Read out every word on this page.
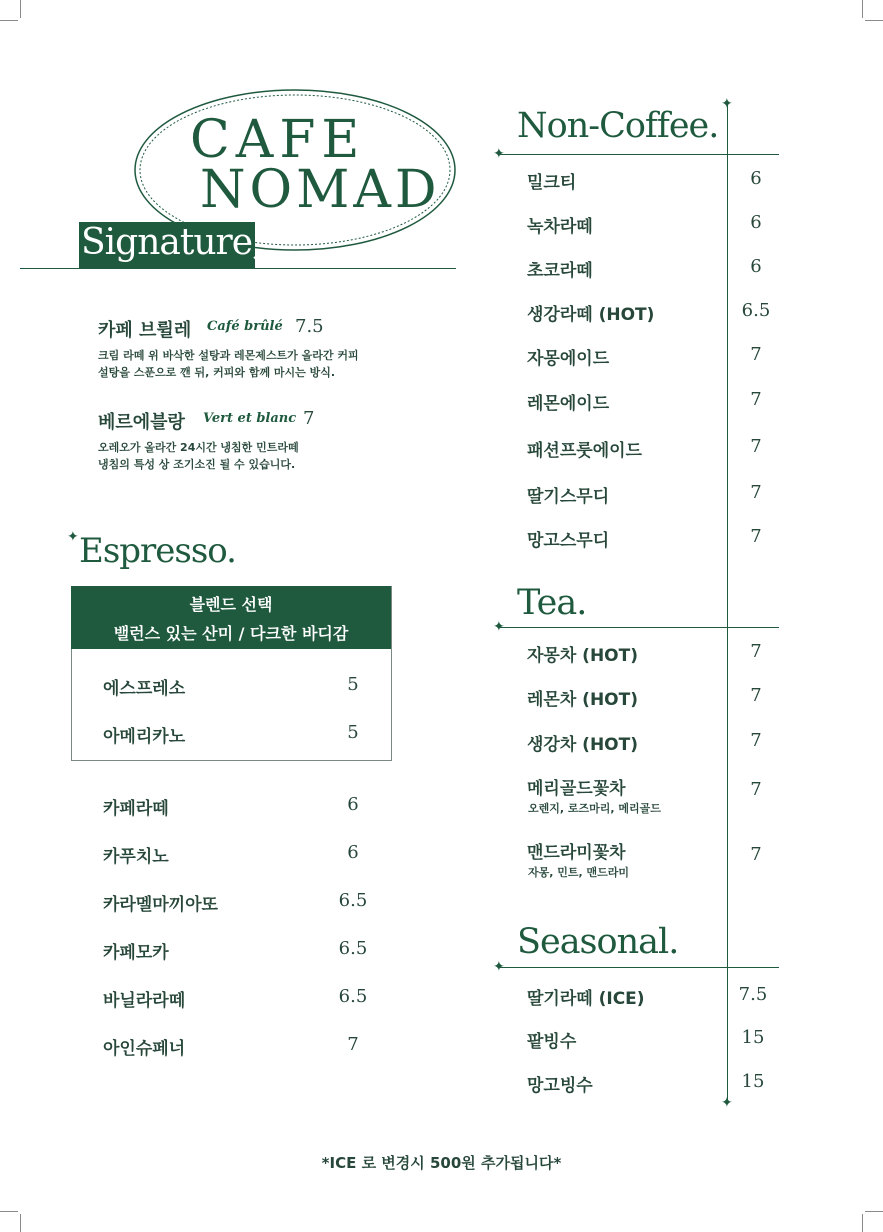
CAFE
NOMAD
Signature,
카페 브륄레 Café brûlé 7.5
크림 라떼 위 바삭한 설탕과 레몬제스트가 올라간 커피
설탕을 스푼으로 깬 뒤, 커피와 함께 마시는 방식.
베르에블랑 Vert et blanc 7
오레오가 올라간 24시간 냉침한 민트라떼
냉침의 특성 상 조기소진 될 수 있습니다.
✦ Espresso.
블렌드 선택
밸런스 있는 산미 / 다크한 바디감
에스프레소	5
아메리카노	5
카페라떼	6
카푸치노	6
카라멜마끼아또	6.5
카페모카	6.5
바닐라라떼	6.5
아인슈페너	7
✦
✦
Non-Coffee.
✦
밀크티	6
녹차라떼	6
초코라떼	6
생강라떼 (HOT)	6.5
자몽에이드	7
레몬에이드	7
패션프룻에이드	7
딸기스무디	7
망고스무디	7
Tea.
✦
자몽차 (HOT)	7
레몬차 (HOT)	7
생강차 (HOT)	7
메리골드꽃차
오렌지, 로즈마리, 메리골드
7
맨드라미꽃차
자몽, 민트, 맨드라미
7
Seasonal.
✦
딸기라떼 (ICE)	7.5
팥빙수	15
망고빙수	15
*ICE 로 변경시 500원 추가됩니다*
